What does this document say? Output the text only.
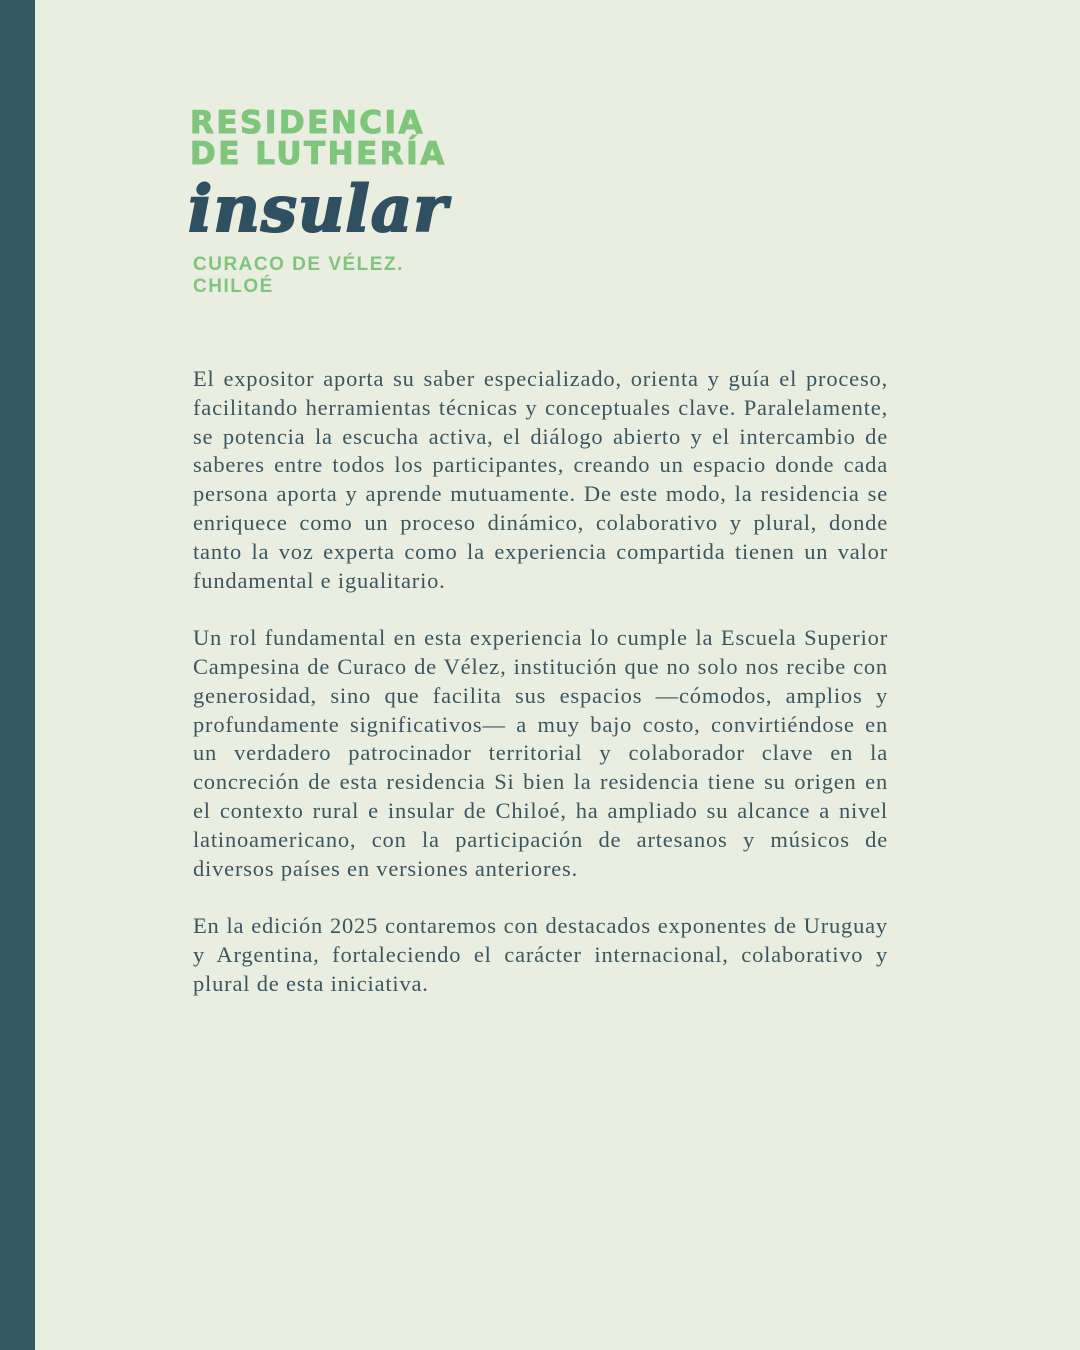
RESIDENCIA
DE LUTHERÍA
insular
CURACO DE VÉLEZ.
CHILOÉ

El expositor aporta su saber especializado, orienta y guía el proceso, facilitando herramientas técnicas y conceptuales clave. Paralelamente, se potencia la escucha activa, el diálogo abierto y el intercambio de saberes entre todos los participantes, creando un espacio donde cada persona aporta y aprende mutuamente. De este modo, la residencia se enriquece como un proceso dinámico, colaborativo y plural, donde tanto la voz experta como la experiencia compartida tienen un valor fundamental e igualitario.

Un rol fundamental en esta experiencia lo cumple la Escuela Superior Campesina de Curaco de Vélez, institución que no solo nos recibe con generosidad, sino que facilita sus espacios —cómodos, amplios y profundamente significativos— a muy bajo costo, convirtiéndose en un verdadero patrocinador territorial y colaborador clave en la concreción de esta residencia Si bien la residencia tiene su origen en el contexto rural e insular de Chiloé, ha ampliado su alcance a nivel latinoamericano, con la participación de artesanos y músicos de diversos países en versiones anteriores.

En la edición 2025 contaremos con destacados exponentes de Uruguay y Argentina, fortaleciendo el carácter internacional, colaborativo y plural de esta iniciativa.
